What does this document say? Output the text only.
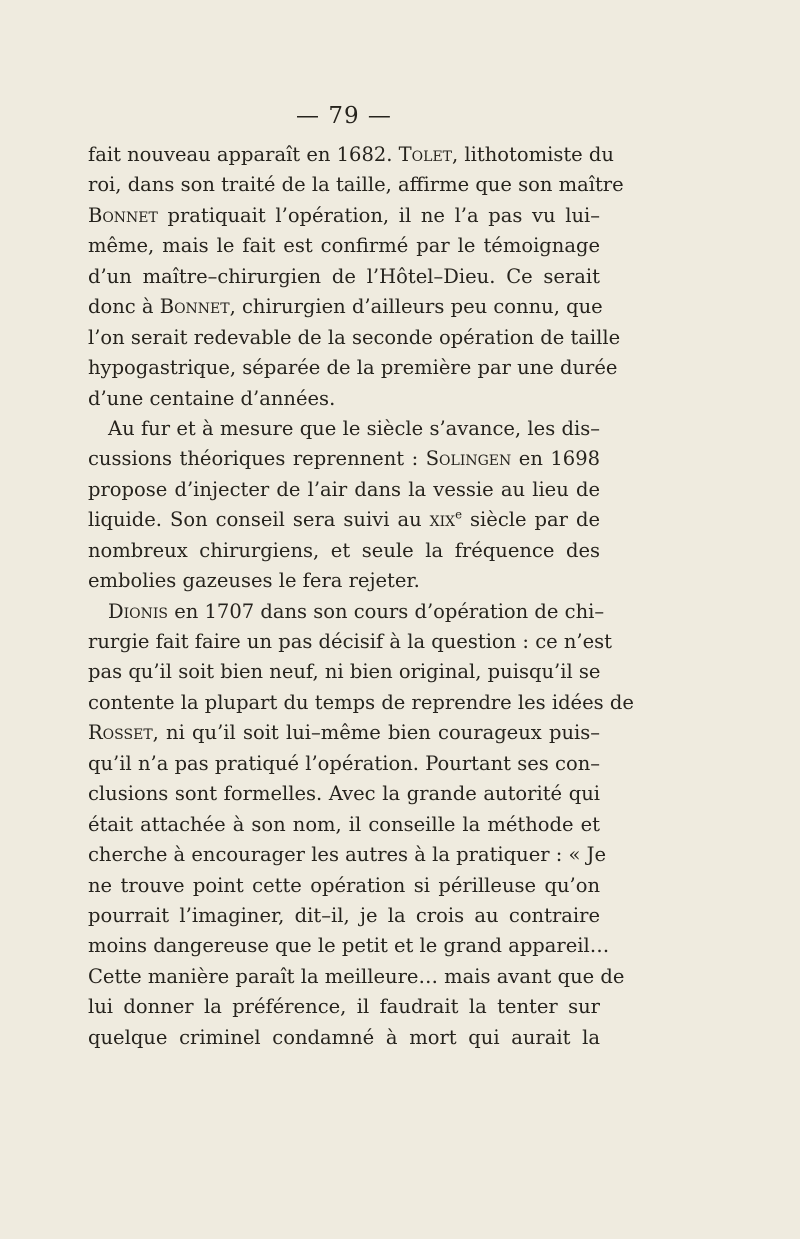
— 79 —
fait nouveau apparaît en 1682. Tolet, lithotomiste du
roi, dans son traité de la taille, affirme que son maître
Bonnet pratiquait l’opération, il ne l’a pas vu lui–
même, mais le fait est confirmé par le témoignage
d’un maître–chirurgien de l’Hôtel–Dieu. Ce serait
donc à Bonnet, chirurgien d’ailleurs peu connu, que
l’on serait redevable de la seconde opération de taille
hypogastrique, séparée de la première par une durée
d’une centaine d’années.
Au fur et à mesure que le siècle s’avance, les dis–
cussions théoriques reprennent : Solingen en 1698
propose d’injecter de l’air dans la vessie au lieu de
liquide. Son conseil sera suivi au xix$^e$ siècle par de
nombreux chirurgiens, et seule la fréquence des
embolies gazeuses le fera rejeter.
Dionis en 1707 dans son cours d’opération de chi–
rurgie fait faire un pas décisif à la question : ce n’est
pas qu’il soit bien neuf, ni bien original, puisqu’il se
contente la plupart du temps de reprendre les idées de
Rosset, ni qu’il soit lui–même bien courageux puis–
qu’il n’a pas pratiqué l’opération. Pourtant ses con–
clusions sont formelles. Avec la grande autorité qui
était attachée à son nom, il conseille la méthode et
cherche à encourager les autres à la pratiquer : « Je
ne trouve point cette opération si périlleuse qu’on
pourrait l’imaginer, dit–il, je la crois au contraire
moins dangereuse que le petit et le grand appareil…
Cette manière paraît la meilleure… mais avant que de
lui donner la préférence, il faudrait la tenter sur
quelque criminel condamné à mort qui aurait la
